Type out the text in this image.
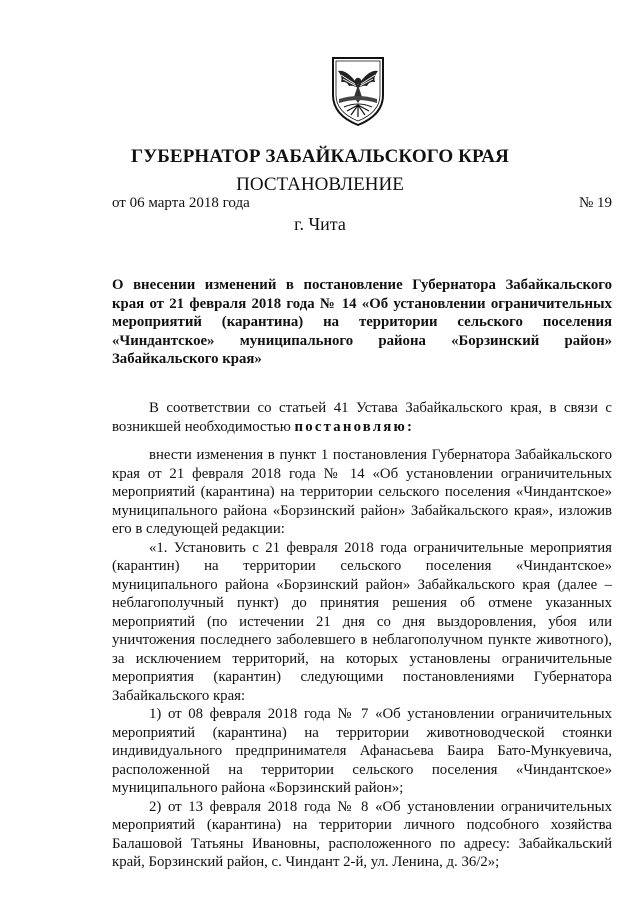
ГУБЕРНАТОР ЗАБАЙКАЛЬСКОГО КРАЯ
ПОСТАНОВЛЕНИЕ
от 06 марта 2018 года	№ 19
г. Чита
О внесении изменений в постановление Губернатора Забайкальского края от 21 февраля 2018 года № 14 «Об установлении ограничительных мероприятий (карантина) на территории сельского поселения «Чиндантское» муниципального района «Борзинский район» Забайкальского края»

В соответствии со статьей 41 Устава Забайкальского края, в связи с возникшей необходимостью постановляю:

внести изменения в пункт 1 постановления Губернатора Забайкальского края от 21 февраля 2018 года № 14 «Об установлении ограничительных мероприятий (карантина) на территории сельского поселения «Чиндантское» муниципального района «Борзинский район» Забайкальского края», изложив его в следующей редакции:

«1. Установить с 21 февраля 2018 года ограничительные мероприятия (карантин) на территории сельского поселения «Чиндантское» муниципального района «Борзинский район» Забайкальского края (далее – неблагополучный пункт) до принятия решения об отмене указанных мероприятий (по истечении 21 дня со дня выздоровления, убоя или уничтожения последнего заболевшего в неблагополучном пункте животного), за исключением территорий, на которых установлены ограничительные мероприятия (карантин) следующими постановлениями Губернатора Забайкальского края:

1) от 08 февраля 2018 года № 7 «Об установлении ограничительных мероприятий (карантина) на территории животноводческой стоянки индивидуального предпринимателя Афанасьева Баира Бато-Мункуевича, расположенной на территории сельского поселения «Чиндантское» муниципального района «Борзинский район»;

2) от 13 февраля 2018 года № 8 «Об установлении ограничительных мероприятий (карантина) на территории личного подсобного хозяйства Балашовой Татьяны Ивановны, расположенного по адресу: Забайкальский край, Борзинский район, с. Чиндант 2-й, ул. Ленина, д. 36/2»;
